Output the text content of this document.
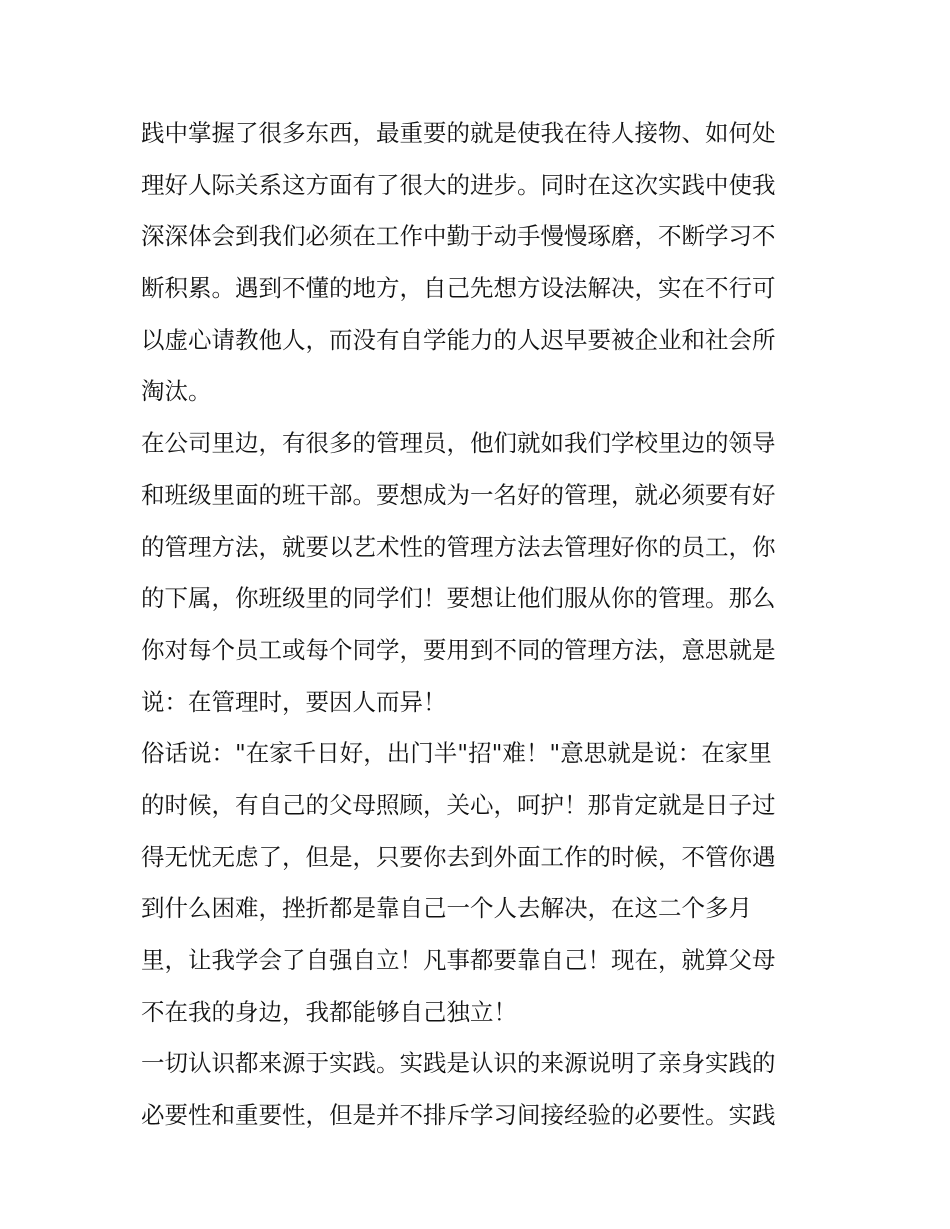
践中掌握了很多东西，最重要的就是使我在待人接物、如何处
理好人际关系这方面有了很大的进步。同时在这次实践中使我
深深体会到我们必须在工作中勤于动手慢慢琢磨，不断学习不
断积累。遇到不懂的地方，自己先想方设法解决，实在不行可
以虚心请教他人，而没有自学能力的人迟早要被企业和社会所
淘汰。
在公司里边，有很多的管理员，他们就如我们学校里边的领导
和班级里面的班干部。要想成为一名好的管理，就必须要有好
的管理方法，就要以艺术性的管理方法去管理好你的员工，你
的下属，你班级里的同学们！要想让他们服从你的管理。那么
你对每个员工或每个同学，要用到不同的管理方法，意思就是
说：在管理时，要因人而异！
俗话说："在家千日好，出门半"招"难！"意思就是说：在家里
的时候，有自己的父母照顾，关心，呵护！那肯定就是日子过
得无忧无虑了，但是，只要你去到外面工作的时候，不管你遇
到什么困难，挫折都是靠自己一个人去解决，在这二个多月
里，让我学会了自强自立！凡事都要靠自己！现在，就算父母
不在我的身边，我都能够自己独立！
一切认识都来源于实践。实践是认识的来源说明了亲身实践的
必要性和重要性，但是并不排斥学习间接经验的必要性。实践
